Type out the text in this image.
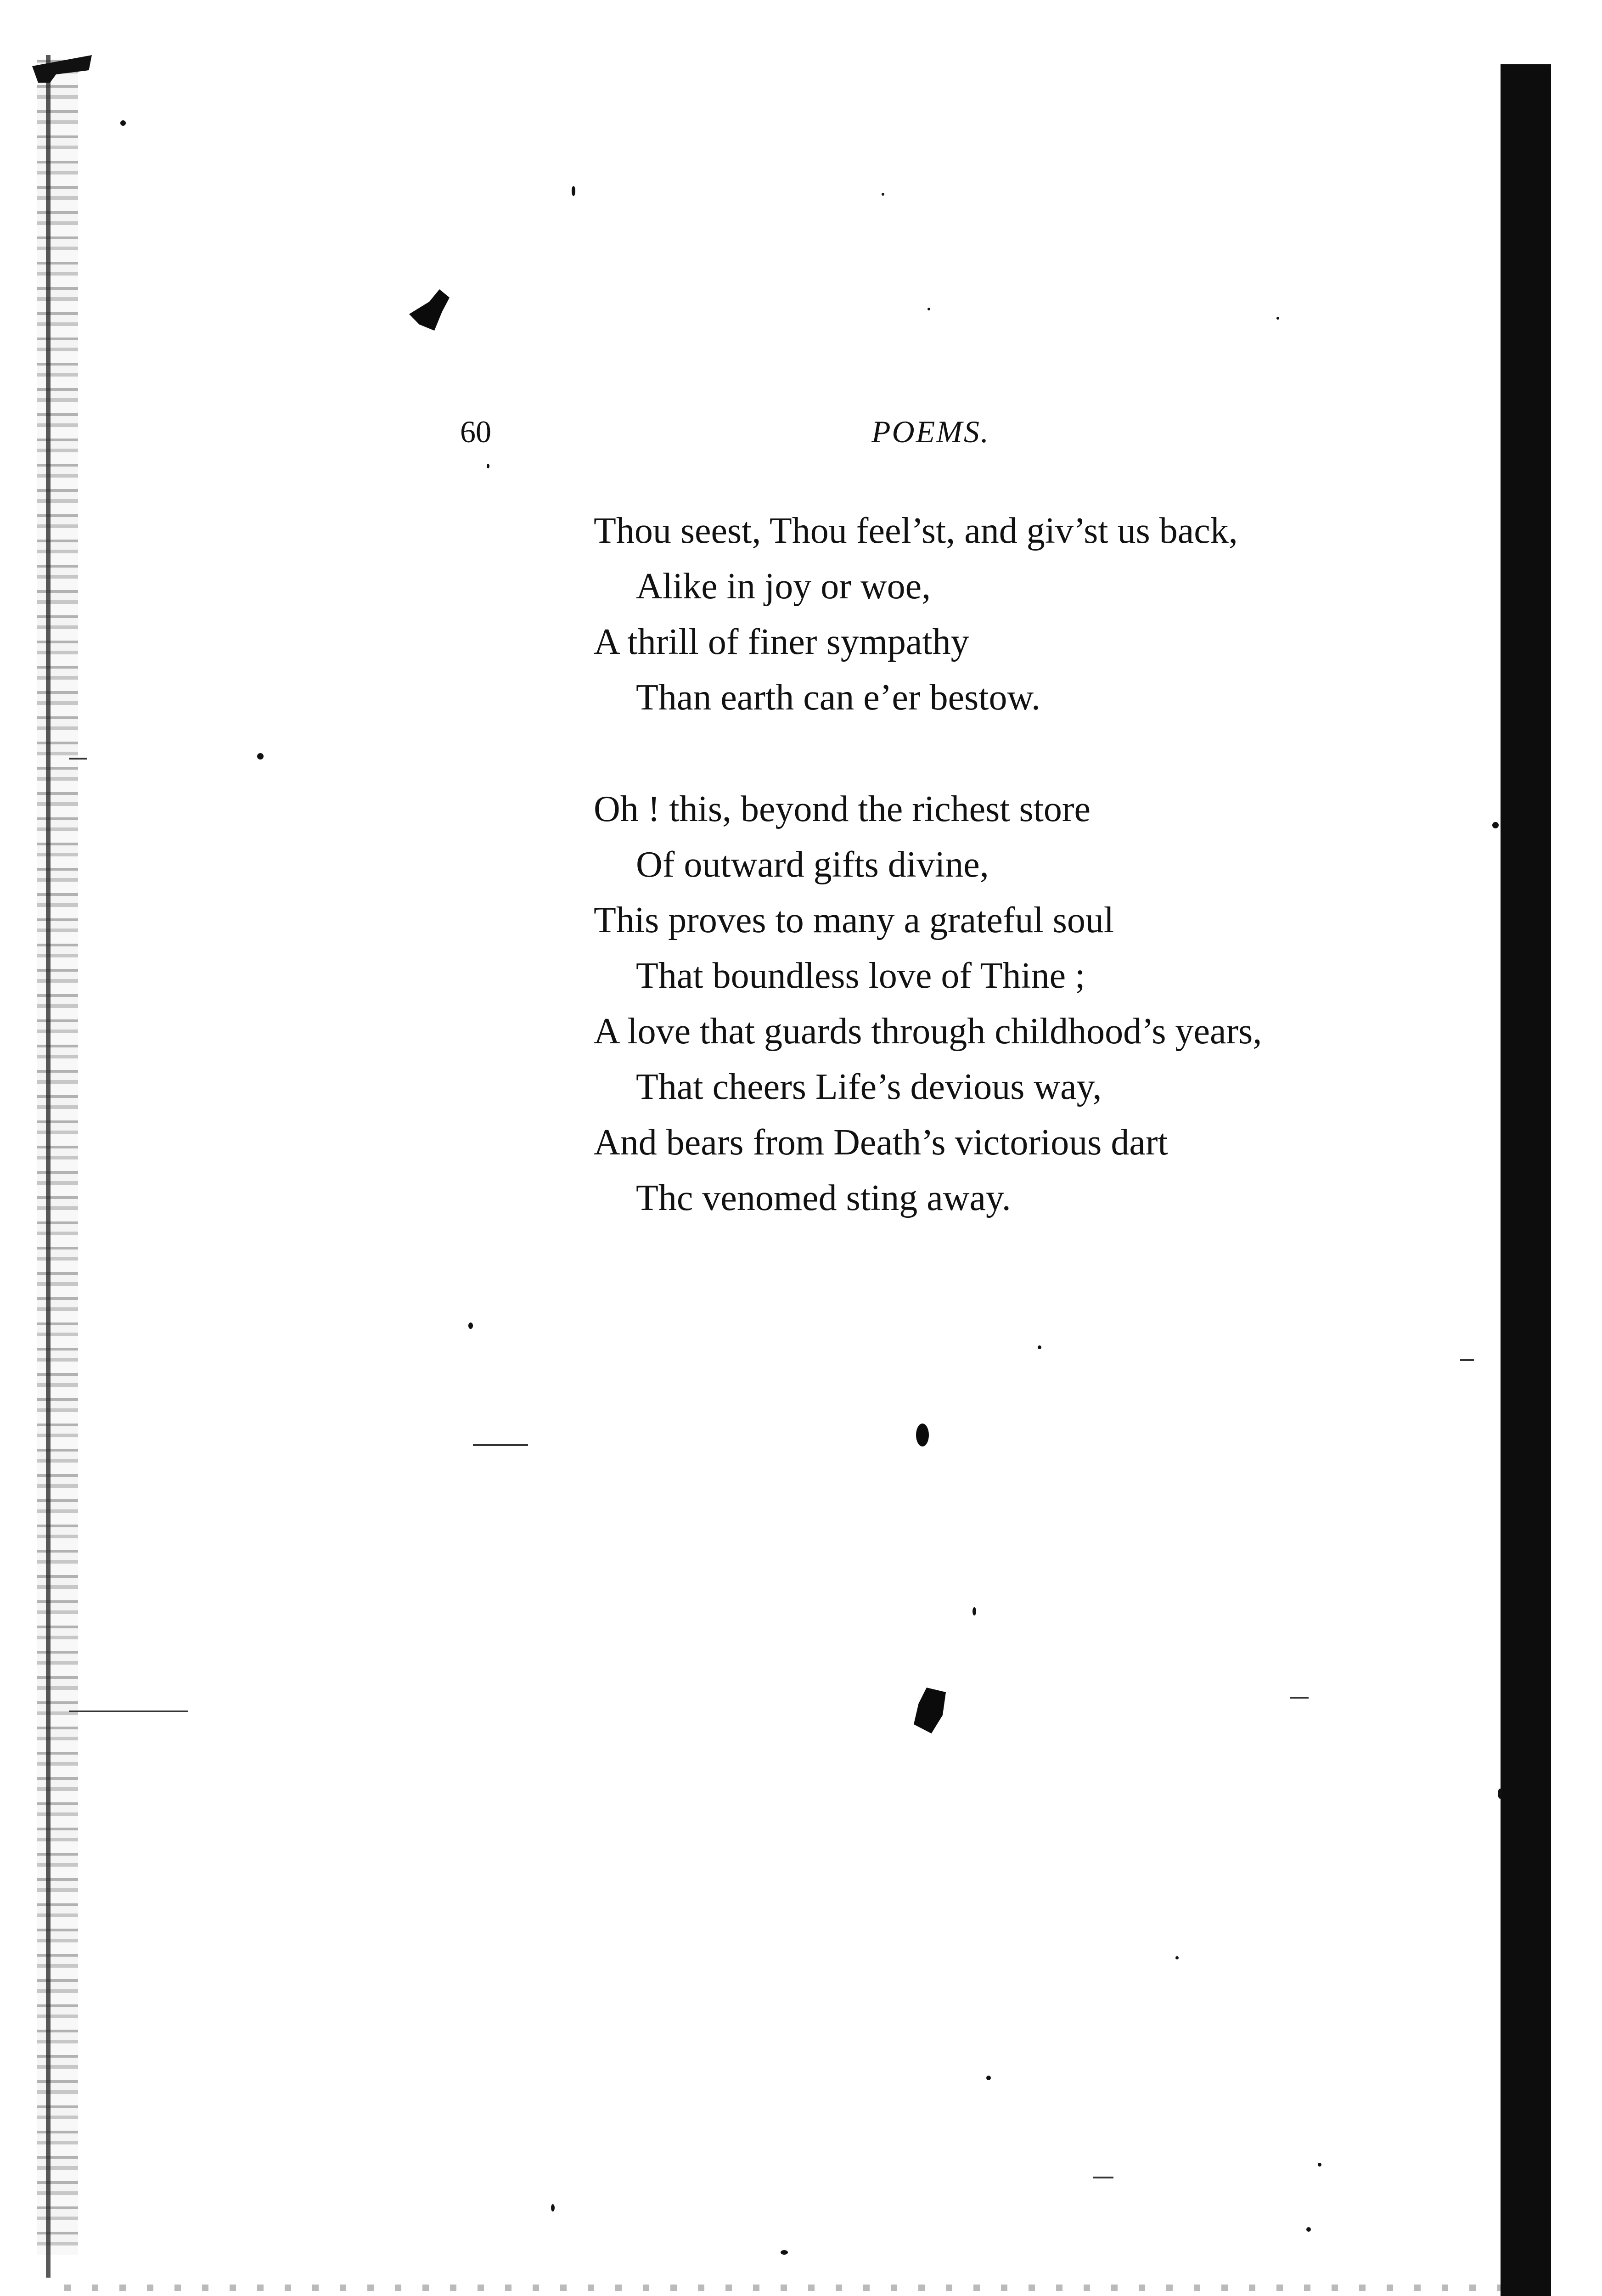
60	POEMS.
Thou seest, Thou feel’st, and giv’st us back,
Alike in joy or woe,
A thrill of finer sympathy
Than earth can e’er bestow.
Oh ! this, beyond the richest store
Of outward gifts divine,
This proves to many a grateful soul
That boundless love of Thine ;
A love that guards through childhood’s years,
That cheers Life’s devious way,
And bears from Death’s victorious dart
Thc venomed sting away.
